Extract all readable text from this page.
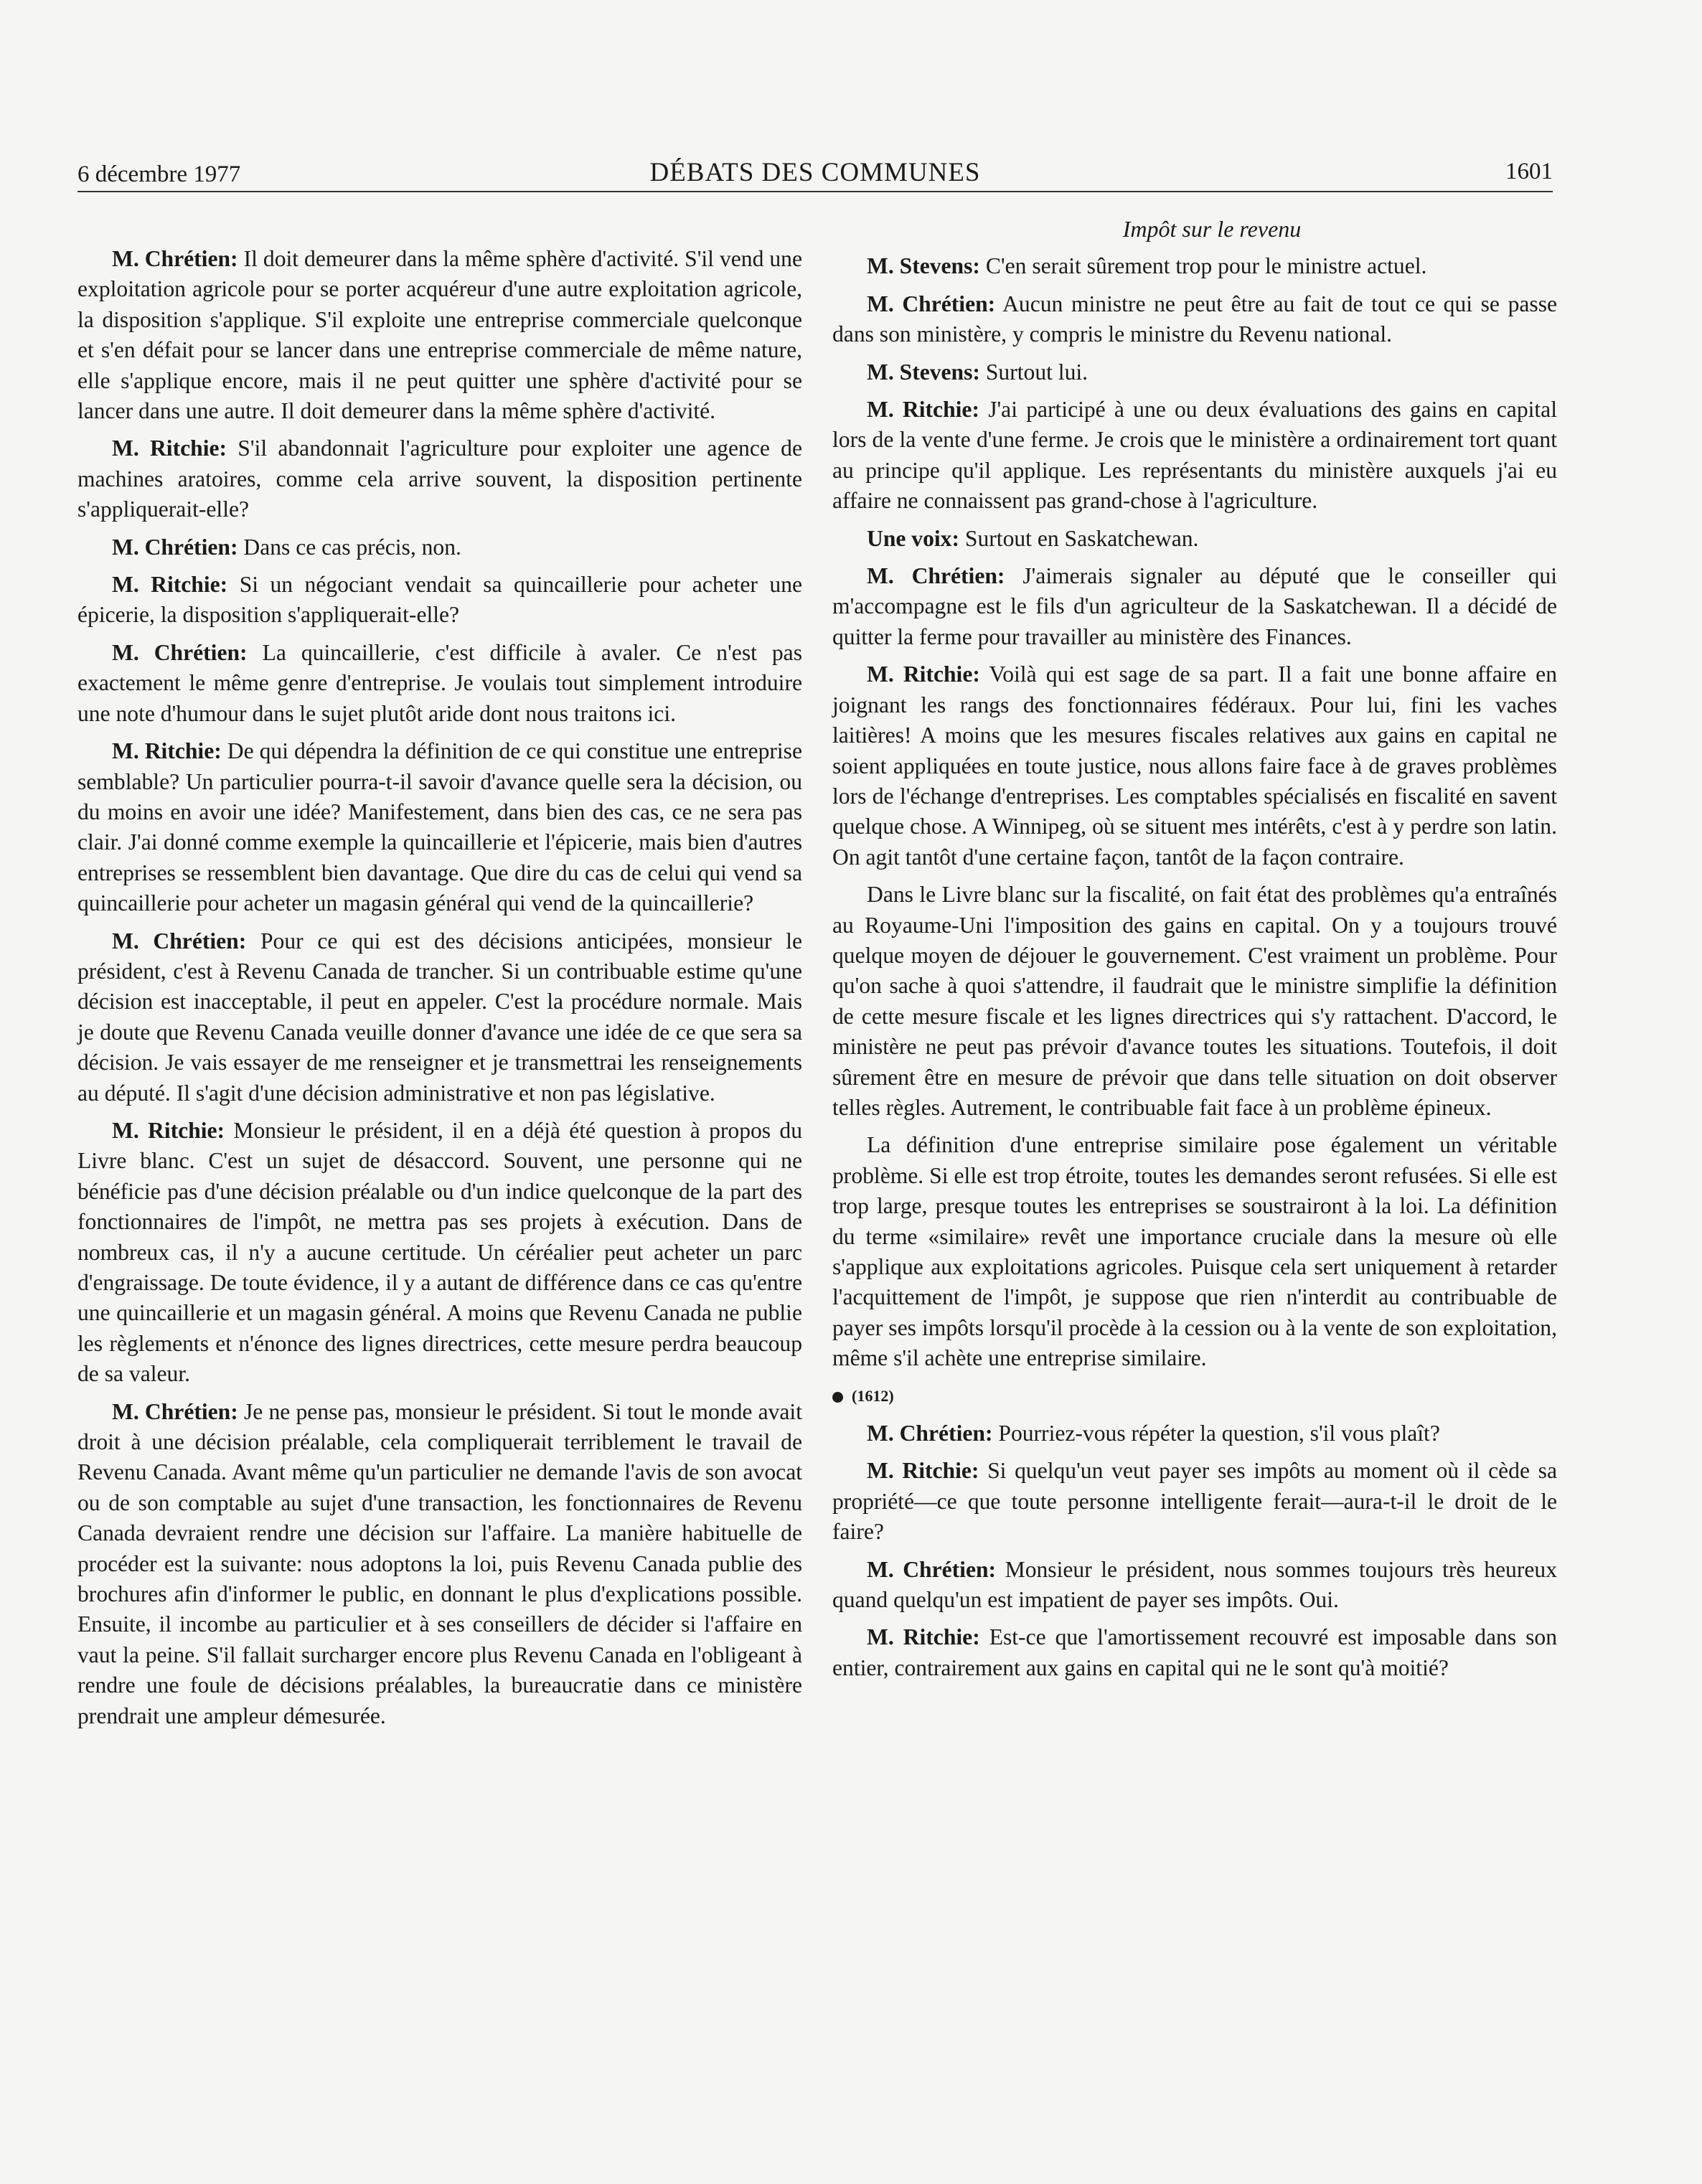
6 décembre 1977	DÉBATS DES COMMUNES	1601

M. Chrétien: Il doit demeurer dans la même sphère d'activité. S'il vend une exploitation agricole pour se porter acquéreur d'une autre exploitation agricole, la disposition s'applique. S'il exploite une entreprise commerciale quelconque et s'en défait pour se lancer dans une entreprise commerciale de même nature, elle s'applique encore, mais il ne peut quitter une sphère d'activité pour se lancer dans une autre. Il doit demeurer dans la même sphère d'activité.

M. Ritchie: S'il abandonnait l'agriculture pour exploiter une agence de machines aratoires, comme cela arrive souvent, la disposition pertinente s'appliquerait-elle?

M. Chrétien: Dans ce cas précis, non.

M. Ritchie: Si un négociant vendait sa quincaillerie pour acheter une épicerie, la disposition s'appliquerait-elle?

M. Chrétien: La quincaillerie, c'est difficile à avaler. Ce n'est pas exactement le même genre d'entreprise. Je voulais tout simplement introduire une note d'humour dans le sujet plutôt aride dont nous traitons ici.

M. Ritchie: De qui dépendra la définition de ce qui constitue une entreprise semblable? Un particulier pourra-t-il savoir d'avance quelle sera la décision, ou du moins en avoir une idée? Manifestement, dans bien des cas, ce ne sera pas clair. J'ai donné comme exemple la quincaillerie et l'épicerie, mais bien d'autres entreprises se ressemblent bien davantage. Que dire du cas de celui qui vend sa quincaillerie pour acheter un magasin général qui vend de la quincaillerie?

M. Chrétien: Pour ce qui est des décisions anticipées, monsieur le président, c'est à Revenu Canada de trancher. Si un contribuable estime qu'une décision est inacceptable, il peut en appeler. C'est la procédure normale. Mais je doute que Revenu Canada veuille donner d'avance une idée de ce que sera sa décision. Je vais essayer de me renseigner et je transmettrai les renseignements au député. Il s'agit d'une décision administrative et non pas législative.

M. Ritchie: Monsieur le président, il en a déjà été question à propos du Livre blanc. C'est un sujet de désaccord. Souvent, une personne qui ne bénéficie pas d'une décision préalable ou d'un indice quelconque de la part des fonctionnaires de l'impôt, ne mettra pas ses projets à exécution. Dans de nombreux cas, il n'y a aucune certitude. Un céréalier peut acheter un parc d'engraissage. De toute évidence, il y a autant de différence dans ce cas qu'entre une quincaillerie et un magasin général. A moins que Revenu Canada ne publie les règlements et n'énonce des lignes directrices, cette mesure perdra beaucoup de sa valeur.

M. Chrétien: Je ne pense pas, monsieur le président. Si tout le monde avait droit à une décision préalable, cela compliquerait terriblement le travail de Revenu Canada. Avant même qu'un particulier ne demande l'avis de son avocat ou de son comptable au sujet d'une transaction, les fonctionnaires de Revenu Canada devraient rendre une décision sur l'affaire. La manière habituelle de procéder est la suivante: nous adoptons la loi, puis Revenu Canada publie des brochures afin d'informer le public, en donnant le plus d'explications possible. Ensuite, il incombe au particulier et à ses conseillers de décider si l'affaire en vaut la peine. S'il fallait surcharger encore plus Revenu Canada en l'obligeant à rendre une foule de décisions préalables, la bureaucratie dans ce ministère prendrait une ampleur démesurée.

Impôt sur le revenu

M. Stevens: C'en serait sûrement trop pour le ministre actuel.

M. Chrétien: Aucun ministre ne peut être au fait de tout ce qui se passe dans son ministère, y compris le ministre du Revenu national.

M. Stevens: Surtout lui.

M. Ritchie: J'ai participé à une ou deux évaluations des gains en capital lors de la vente d'une ferme. Je crois que le ministère a ordinairement tort quant au principe qu'il applique. Les représentants du ministère auxquels j'ai eu affaire ne connaissent pas grand-chose à l'agriculture.

Une voix: Surtout en Saskatchewan.

M. Chrétien: J'aimerais signaler au député que le conseiller qui m'accompagne est le fils d'un agriculteur de la Saskatchewan. Il a décidé de quitter la ferme pour travailler au ministère des Finances.

M. Ritchie: Voilà qui est sage de sa part. Il a fait une bonne affaire en joignant les rangs des fonctionnaires fédéraux. Pour lui, fini les vaches laitières! A moins que les mesures fiscales relatives aux gains en capital ne soient appliquées en toute justice, nous allons faire face à de graves problèmes lors de l'échange d'entreprises. Les comptables spécialisés en fiscalité en savent quelque chose. A Winnipeg, où se situent mes intérêts, c'est à y perdre son latin. On agit tantôt d'une certaine façon, tantôt de la façon contraire.

Dans le Livre blanc sur la fiscalité, on fait état des problèmes qu'a entraînés au Royaume-Uni l'imposition des gains en capital. On y a toujours trouvé quelque moyen de déjouer le gouvernement. C'est vraiment un problème. Pour qu'on sache à quoi s'attendre, il faudrait que le ministre simplifie la définition de cette mesure fiscale et les lignes directrices qui s'y rattachent. D'accord, le ministère ne peut pas prévoir d'avance toutes les situations. Toutefois, il doit sûrement être en mesure de prévoir que dans telle situation on doit observer telles règles. Autrement, le contribuable fait face à un problème épineux.

La définition d'une entreprise similaire pose également un véritable problème. Si elle est trop étroite, toutes les demandes seront refusées. Si elle est trop large, presque toutes les entreprises se soustrairont à la loi. La définition du terme «similaire» revêt une importance cruciale dans la mesure où elle s'applique aux exploitations agricoles. Puisque cela sert uniquement à retarder l'acquittement de l'impôt, je suppose que rien n'interdit au contribuable de payer ses impôts lorsqu'il procède à la cession ou à la vente de son exploitation, même s'il achète une entreprise similaire.

(1612)

M. Chrétien: Pourriez-vous répéter la question, s'il vous plaît?

M. Ritchie: Si quelqu'un veut payer ses impôts au moment où il cède sa propriété—ce que toute personne intelligente ferait—aura-t-il le droit de le faire?

M. Chrétien: Monsieur le président, nous sommes toujours très heureux quand quelqu'un est impatient de payer ses impôts. Oui.

M. Ritchie: Est-ce que l'amortissement recouvré est imposable dans son entier, contrairement aux gains en capital qui ne le sont qu'à moitié?
